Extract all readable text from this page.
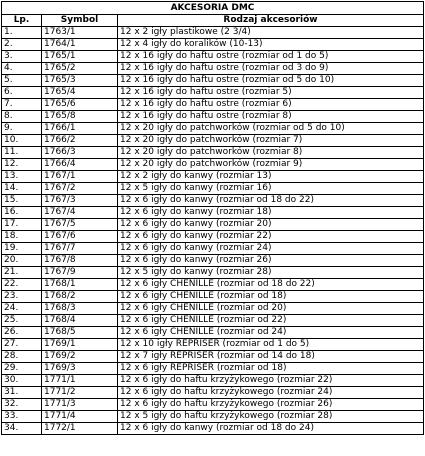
AKCESORIA DMC		
Lp.	Symbol	Rodzaj akcesoriów
1.	1763/1	12 x 2 igły plastikowe (2 3/4)
2.	1764/1	12 x 4 igły do koralików (10-13)
3.	1765/1	12 x 16 igły do haftu ostre (rozmiar od 1 do 5)
4.	1765/2	12 x 16 igły do haftu ostre (rozmiar od 3 do 9)
5.	1765/3	12 x 16 igły do haftu ostre (rozmiar od 5 do 10)
6.	1765/4	12 x 16 igły do haftu ostre (rozmiar 5)
7.	1765/6	12 x 16 igły do haftu ostre (rozmiar 6)
8.	1765/8	12 x 16 igły do haftu ostre (rozmiar 8)
9.	1766/1	12 x 20 igły do patchworków (rozmiar od 5 do 10)
10.	1766/2	12 x 20 igły do patchworków (rozmiar 7)
11.	1766/3	12 x 20 igły do patchworków (rozmiar 8)
12.	1766/4	12 x 20 igły do patchworków (rozmiar 9)
13.	1767/1	12 x 2 igły do kanwy (rozmiar 13)
14.	1767/2	12 x 5 igły do kanwy (rozmiar 16)
15.	1767/3	12 x 6 igły do kanwy (rozmiar od 18 do 22)
16.	1767/4	12 x 6 igły do kanwy (rozmiar 18)
17.	1767/5	12 x 6 igły do kanwy (rozmiar 20)
18.	1767/6	12 x 6 igły do kanwy (rozmiar 22)
19.	1767/7	12 x 6 igły do kanwy (rozmiar 24)
20.	1767/8	12 x 6 igły do kanwy (rozmiar 26)
21.	1767/9	12 x 5 igły do kanwy (rozmiar 28)
22.	1768/1	12 x 6 igły CHENILLE (rozmiar od 18 do 22)
23.	1768/2	12 x 6 igły CHENILLE (rozmiar od 18)
24.	1768/3	12 x 6 igły CHENILLE (rozmiar od 20)
25.	1768/4	12 x 6 igły CHENILLE (rozmiar od 22)
26.	1768/5	12 x 6 igły CHENILLE (rozmiar od 24)
27.	1769/1	12 x 10 igły REPRISER (rozmiar od 1 do 5)
28.	1769/2	12 x 7 igły REPRISER (rozmiar od 14 do 18)
29.	1769/3	12 x 6 igły REPRISER (rozmiar od 18)
30.	1771/1	12 x 6 igły do haftu krzyżykowego (rozmiar 22)
31.	1771/2	12 x 6 igły do haftu krzyżykowego (rozmiar 24)
32.	1771/3	12 x 6 igły do haftu krzyżykowego (rozmiar 26)
33.	1771/4	12 x 5 igły do haftu krzyżykowego (rozmiar 28)
34.	1772/1	12 x 6 igły do kanwy (rozmiar od 18 do 24)
